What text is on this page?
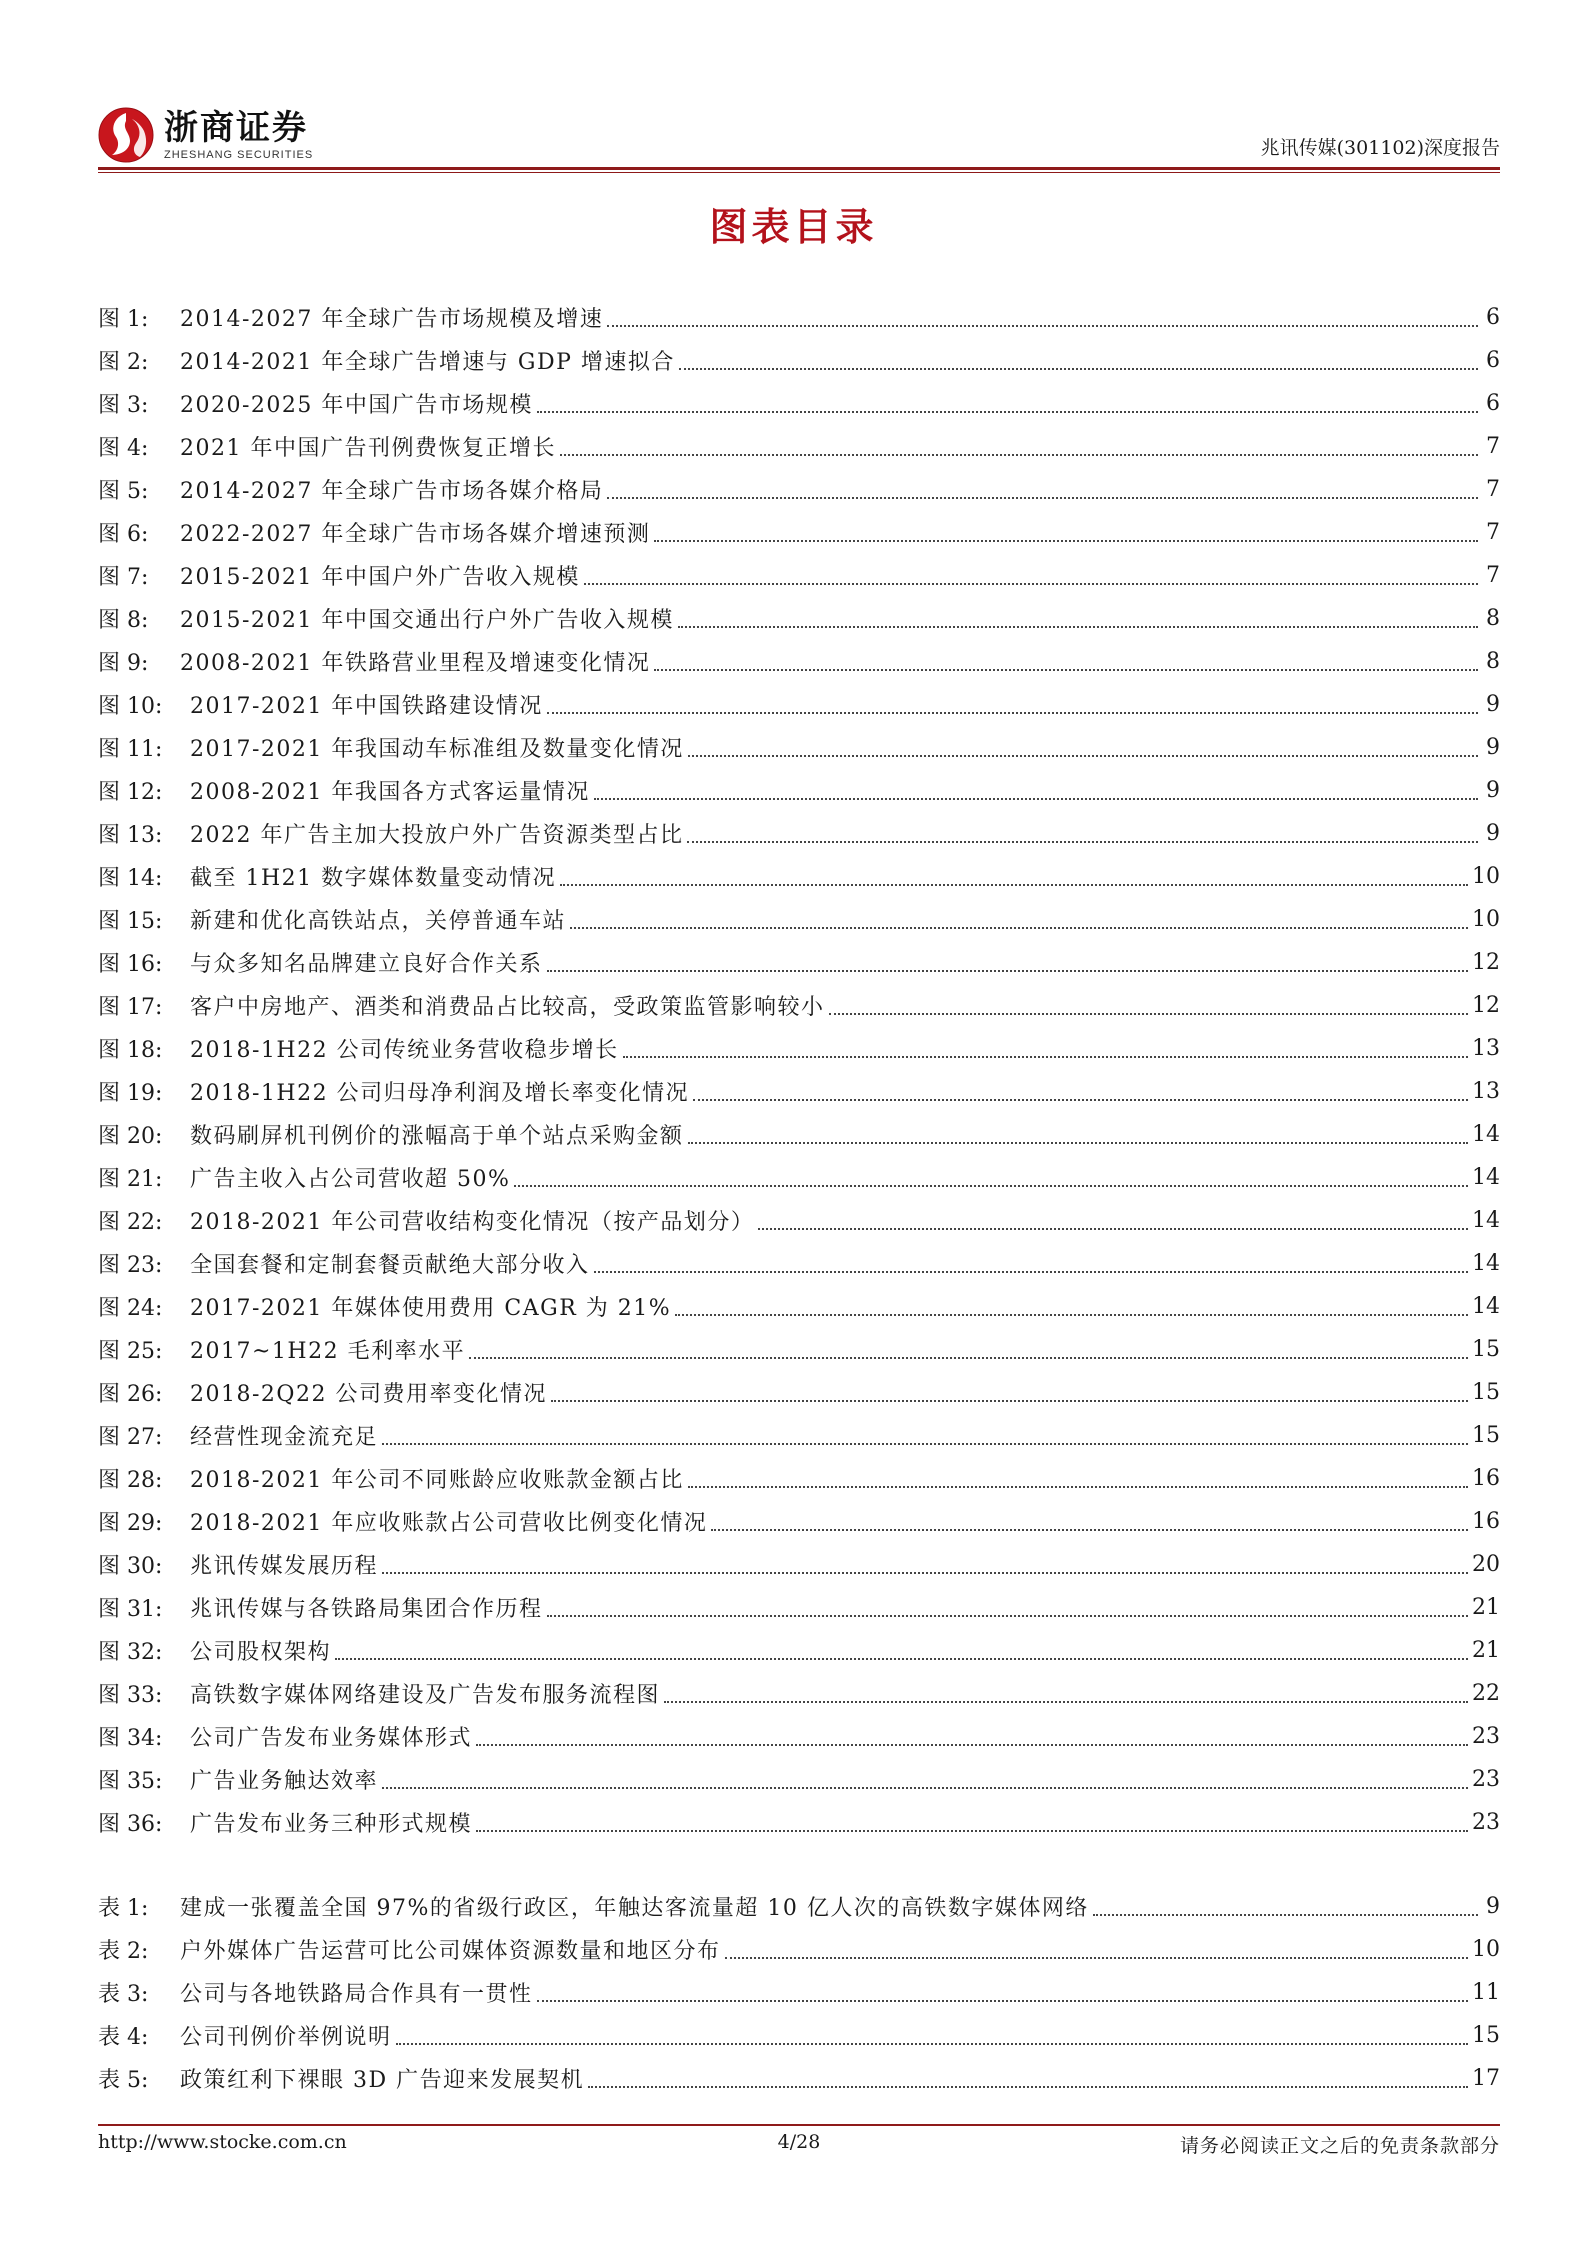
浙商证券
ZHESHANG SECURITIES	兆讯传媒(301102)深度报告
图表目录
图 1:	2014-2027 年全球广告市场规模及增速	6
图 2:	2014-2021 年全球广告增速与 GDP 增速拟合	6
图 3:	2020-2025 年中国广告市场规模	6
图 4:	2021 年中国广告刊例费恢复正增长	7
图 5:	2014-2027 年全球广告市场各媒介格局	7
图 6:	2022-2027 年全球广告市场各媒介增速预测	7
图 7:	2015-2021 年中国户外广告收入规模	7
图 8:	2015-2021 年中国交通出行户外广告收入规模	8
图 9:	2008-2021 年铁路营业里程及增速变化情况	8
图 10:	2017-2021 年中国铁路建设情况	9
图 11:	2017-2021 年我国动车标准组及数量变化情况	9
图 12:	2008-2021 年我国各方式客运量情况	9
图 13:	2022 年广告主加大投放户外广告资源类型占比	9
图 14:	截至 1H21 数字媒体数量变动情况	10
图 15:	新建和优化高铁站点，关停普通车站	10
图 16:	与众多知名品牌建立良好合作关系	12
图 17:	客户中房地产、酒类和消费品占比较高，受政策监管影响较小	12
图 18:	2018-1H22 公司传统业务营收稳步增长	13
图 19:	2018-1H22 公司归母净利润及增长率变化情况	13
图 20:	数码刷屏机刊例价的涨幅高于单个站点采购金额	14
图 21:	广告主收入占公司营收超 50%	14
图 22:	2018-2021 年公司营收结构变化情况（按产品划分）	14
图 23:	全国套餐和定制套餐贡献绝大部分收入	14
图 24:	2017-2021 年媒体使用费用 CAGR 为 21%	14
图 25:	2017~1H22 毛利率水平	15
图 26:	2018-2Q22 公司费用率变化情况	15
图 27:	经营性现金流充足	15
图 28:	2018-2021 年公司不同账龄应收账款金额占比	16
图 29:	2018-2021 年应收账款占公司营收比例变化情况	16
图 30:	兆讯传媒发展历程	20
图 31:	兆讯传媒与各铁路局集团合作历程	21
图 32:	公司股权架构	21
图 33:	高铁数字媒体网络建设及广告发布服务流程图	22
图 34:	公司广告发布业务媒体形式	23
图 35:	广告业务触达效率	23
图 36:	广告发布业务三种形式规模	23
表 1:	建成一张覆盖全国 97%的省级行政区，年触达客流量超 10 亿人次的高铁数字媒体网络	9
表 2:	户外媒体广告运营可比公司媒体资源数量和地区分布	10
表 3:	公司与各地铁路局合作具有一贯性	11
表 4:	公司刊例价举例说明	15
表 5:	政策红利下裸眼 3D 广告迎来发展契机	17
http://www.stocke.com.cn	4/28	请务必阅读正文之后的免责条款部分
